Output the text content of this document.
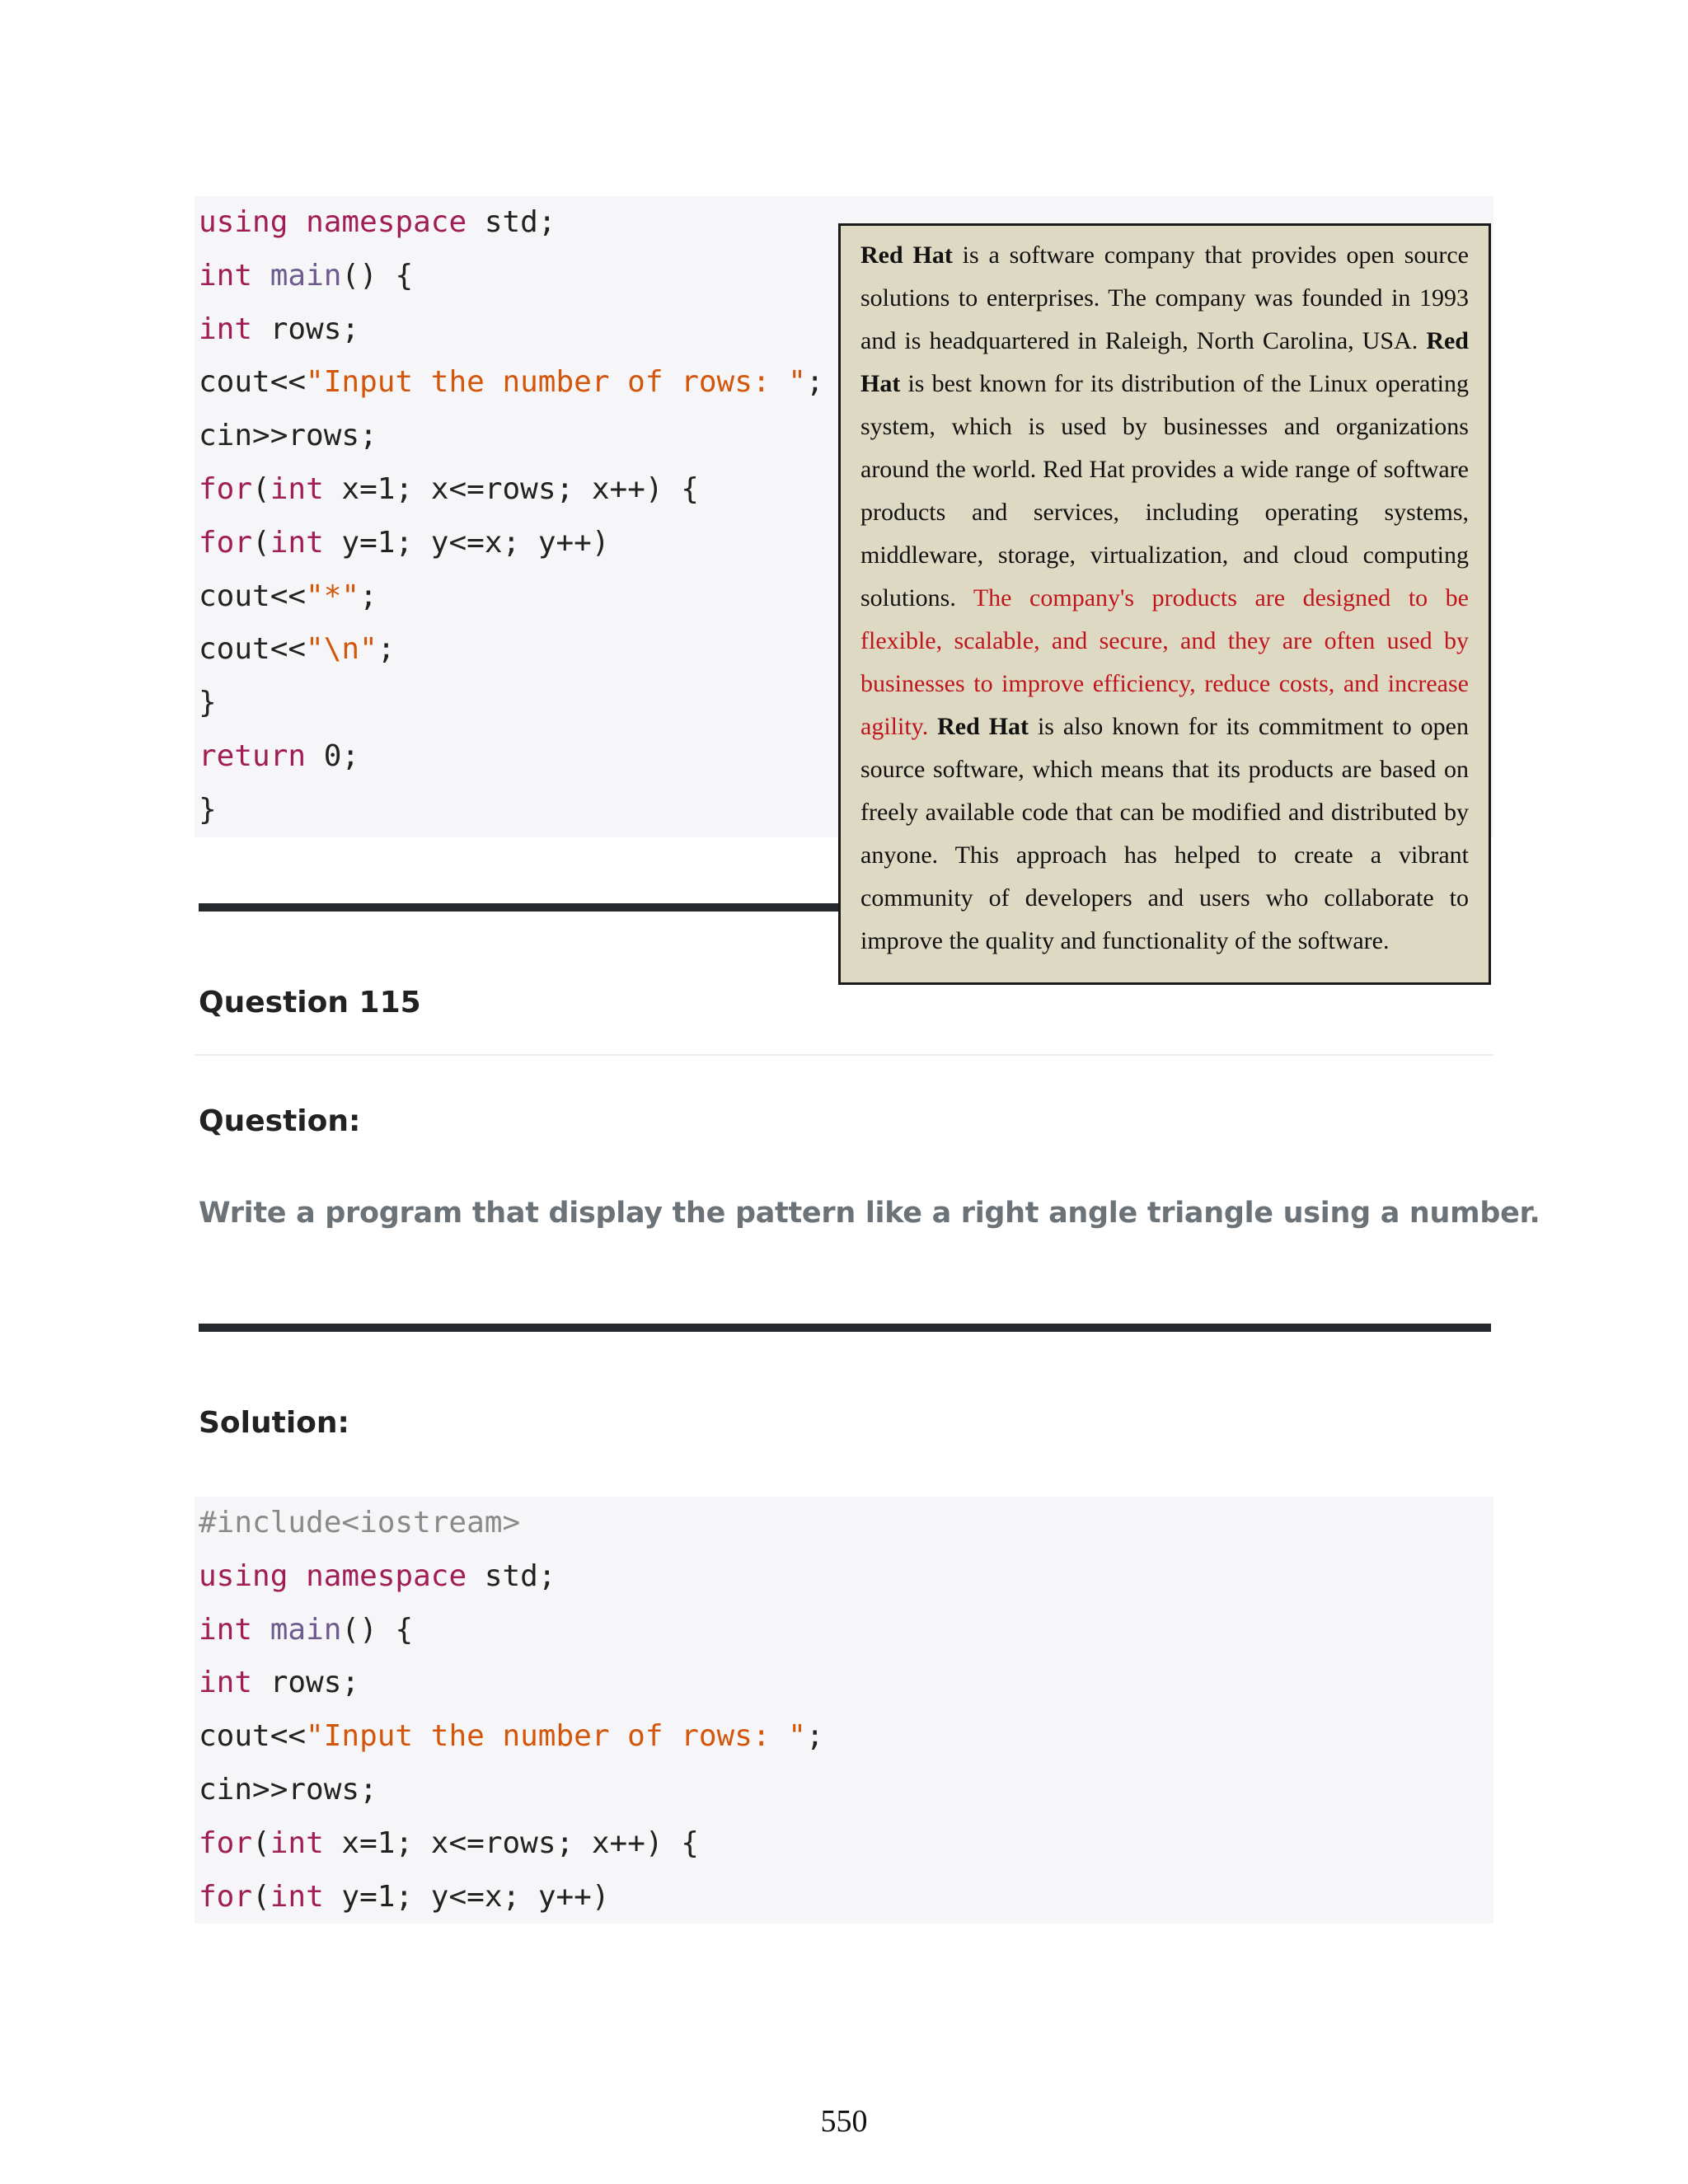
using namespace std;
int main() {
int rows;
cout<<"Input the number of rows: ";
cin>>rows;
for(int x=1; x<=rows; x++) {
for(int y=1; y<=x; y++)
cout<<"*";
cout<<"\n";
}
return 0;
}
Red Hat is a software company that provides open source solutions to enterprises. The company was founded in 1993 and is headquartered in Raleigh, North Carolina, USA. Red Hat is best known for its distribution of the Linux operating system, which is used by businesses and organizations around the world. Red Hat provides a wide range of software products and services, including operating systems, middleware, storage, virtualization, and cloud computing solutions. The company's products are designed to be flexible, scalable, and secure, and they are often used by businesses to improve efficiency, reduce costs, and increase agility. Red Hat is also known for its commitment to open source software, which means that its products are based on freely available code that can be modified and distributed by anyone. This approach has helped to create a vibrant community of developers and users who collaborate to improve the quality and functionality of the software.
Question 115
Question:
Write a program that display the pattern like a right angle triangle using a number.
Solution:
#include<iostream>
using namespace std;
int main() {
int rows;
cout<<"Input the number of rows: ";
cin>>rows;
for(int x=1; x<=rows; x++) {
for(int y=1; y<=x; y++)
550
